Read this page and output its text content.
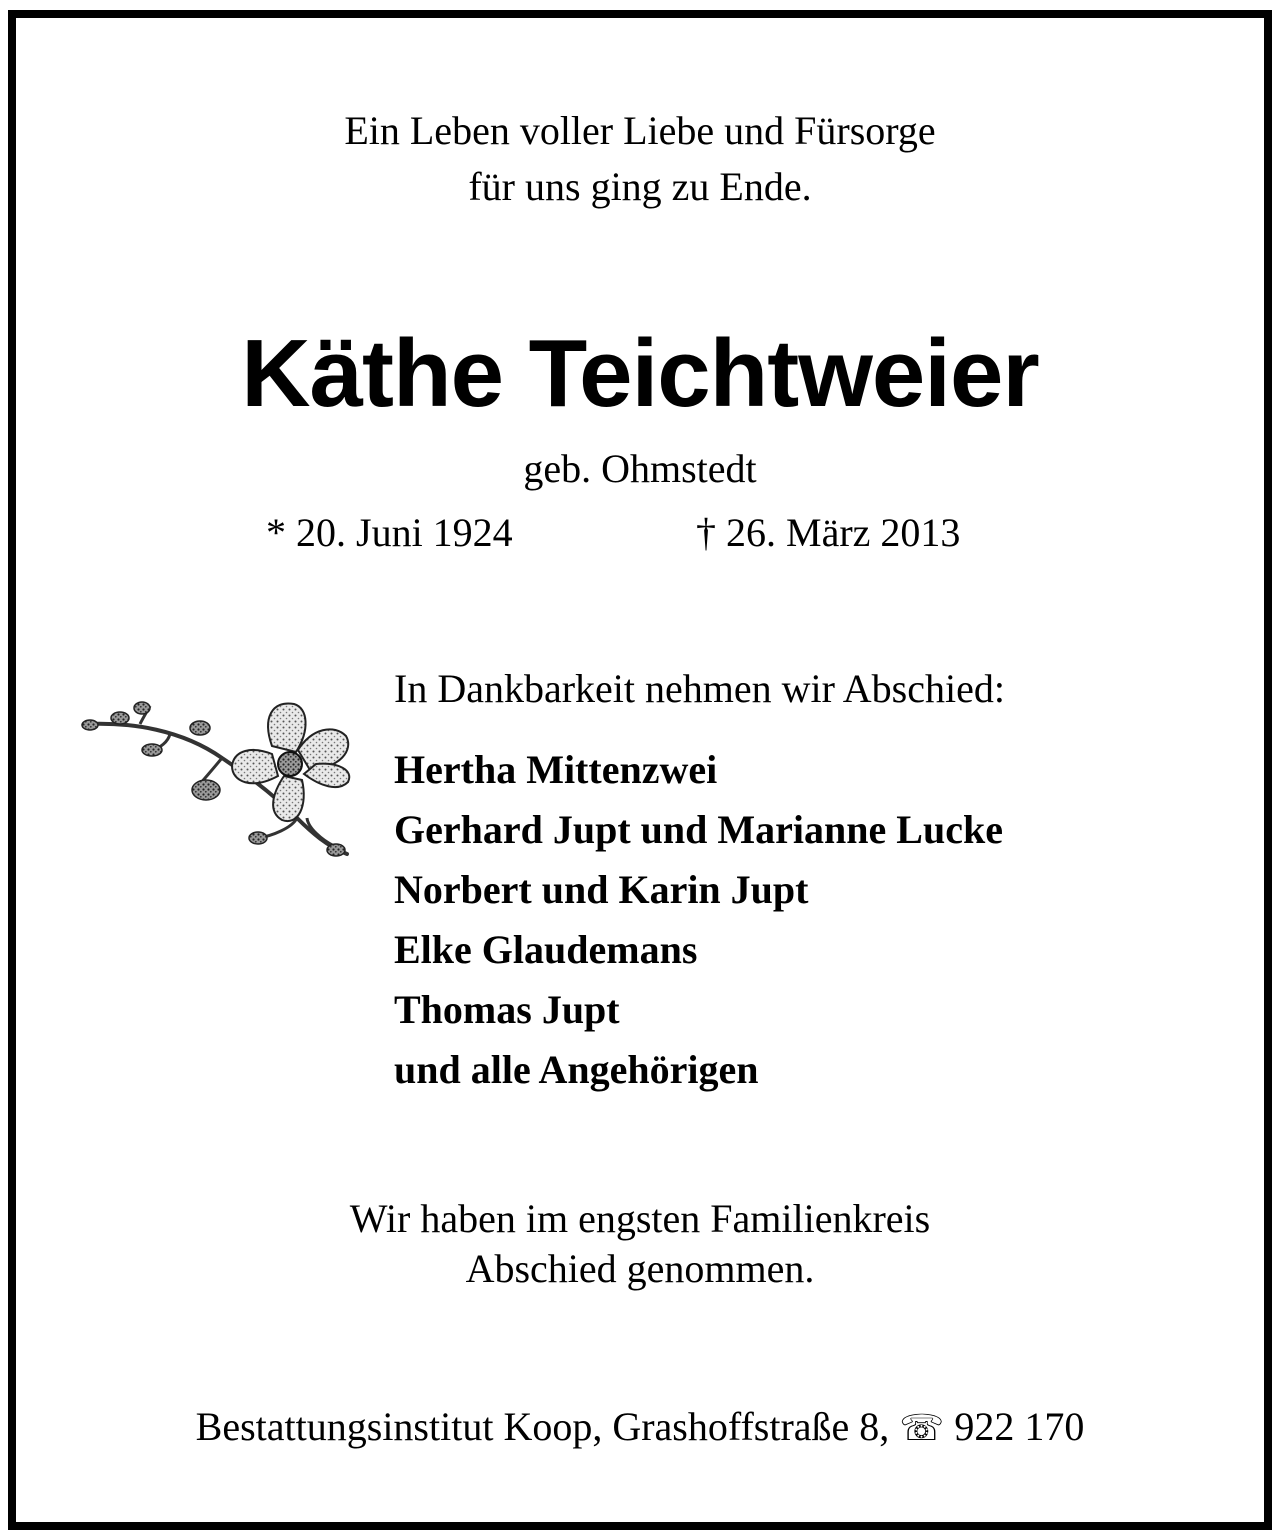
Ein Leben voller Liebe und Fürsorge

für uns ging zu Ende.

Käthe Teichtweier

geb. Ohmstedt

* 20. Juni 1924	† 26. März 2013

In Dankbarkeit nehmen wir Abschied:

Hertha Mittenzwei
Gerhard Jupt und Marianne Lucke
Norbert und Karin Jupt
Elke Glaudemans
Thomas Jupt
und alle Angehörigen

Wir haben im engsten Familienkreis

Abschied genommen.

Bestattungsinstitut Koop, Grashoffstraße 8, ☏ 922 170
